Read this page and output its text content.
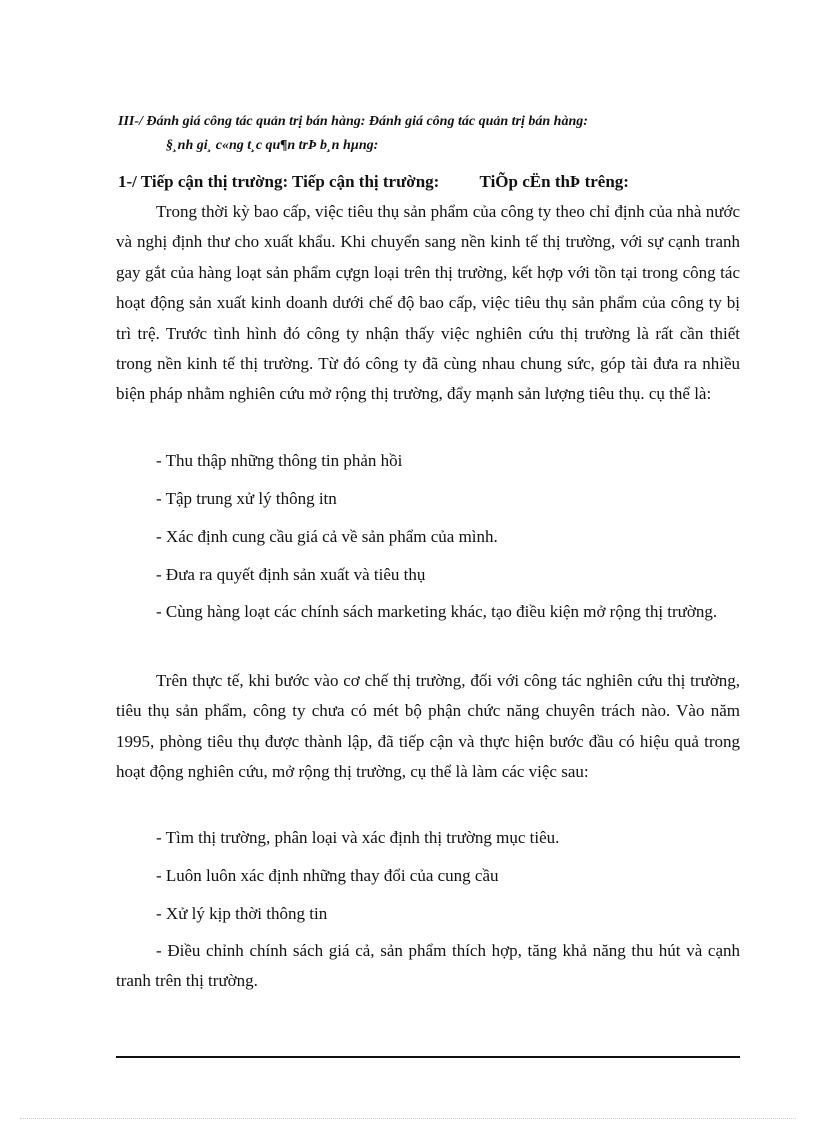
III-/ Đánh giá công tác quản trị bán hàng: Đánh giá công tác quản trị bán hàng:
§¸nh gi¸ c«ng t¸c qu¶n trÞ b¸n hµng:
1-/ Tiếp cận thị trường: Tiếp cận thị trường: TiÕp cËn thÞ trêng:

Trong thời kỳ bao cấp, việc tiêu thụ sản phẩm của công ty theo chỉ định của nhà nước và nghị định thư cho xuất khẩu. Khi chuyển sang nền kinh tế thị trường, với sự cạnh tranh gay gắt của hàng loạt sản phẩm cựgn loại trên thị trường, kết hợp với tồn tại trong công tác hoạt động sản xuất kinh doanh dưới chế độ bao cấp, việc tiêu thụ sản phẩm của công ty bị trì trệ. Trước tình hình đó công ty nhận thấy việc nghiên cứu thị trường là rất cần thiết trong nền kinh tế thị trường. Từ đó công ty đã cùng nhau chung sức, góp tài đưa ra nhiều biện pháp nhằm nghiên cứu mở rộng thị trường, đẩy mạnh sản lượng tiêu thụ. cụ thể là:

- Thu thập những thông tin phản hồi
- Tập trung xử lý thông itn
- Xác định cung cầu giá cả về sản phẩm của mình.
- Đưa ra quyết định sản xuất và tiêu thụ

- Cùng hàng loạt các chính sách marketing khác, tạo điều kiện mở rộng thị trường.

Trên thực tế, khi bước vào cơ chế thị trường, đối với công tác nghiên cứu thị trường, tiêu thụ sản phẩm, công ty chưa có mét bộ phận chức năng chuyên trách nào. Vào năm 1995, phòng tiêu thụ được thành lập, đã tiếp cận và thực hiện bước đầu có hiệu quả trong hoạt động nghiên cứu, mở rộng thị trường, cụ thể là làm các việc sau:

- Tìm thị trường, phân loại và xác định thị trường mục tiêu.
- Luôn luôn xác định những thay đổi của cung cầu
- Xử lý kịp thời thông tin

- Điều chỉnh chính sách giá cả, sản phẩm thích hợp, tăng khả năng thu hút và cạnh tranh trên thị trường.
